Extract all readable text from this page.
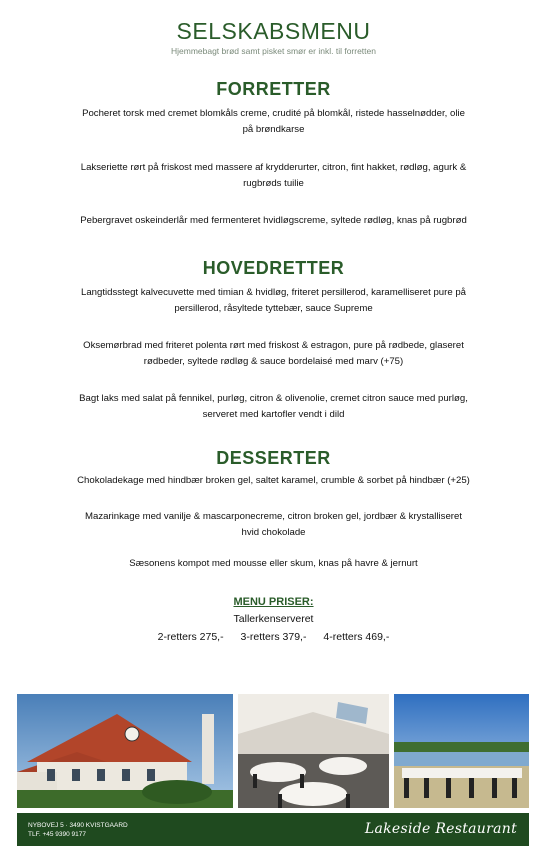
SELSKABSMENU
Hjemmebagt brød samt pisket smør er inkl. til forretten
FORRETTER
Pocheret torsk med cremet blomkåls creme, crudité på blomkål, ristede hasselnødder, olie
på brøndkarse
Lakseriette rørt på friskost med massere af krydderurter, citron, fint hakket, rødløg, agurk &
rugbrøds tuilie
Pebergravet oskeinderlår med fermenteret hvidløgscreme, syltede rødløg, knas på rugbrød
HOVEDRETTER
Langtidsstegt kalvecuvette med timian & hvidløg, friteret persillerod, karamelliseret pure på
persillerod, råsyltede tyttebær, sauce Supreme
Oksemørbrad med friteret polenta rørt med friskost & estragon, pure på rødbede, glaseret
rødbeder, syltede rødløg & sauce bordelaisé med marv (+75)
Bagt laks med salat på fennikel, purløg, citron & olivenolie, cremet citron sauce med purløg,
serveret med kartofler vendt i dild
DESSERTER
Chokoladekage med hindbær broken gel, saltet karamel, crumble & sorbet på hindbær (+25)
Mazarinkage med vanilje & mascarponecreme, citron broken gel, jordbær & krystalliseret
hvid chokolade
Sæsonens kompot med mousse eller skum, knas på havre & jernurt
MENU PRISER:
Tallerkenserveret
2-retters 275,- 3-retters 379,- 4-retters 469,-
NYBOVEJ 5 · 3490 KVISTGAARD
TLF. +45 9390 9177	Lakeside Restaurant
